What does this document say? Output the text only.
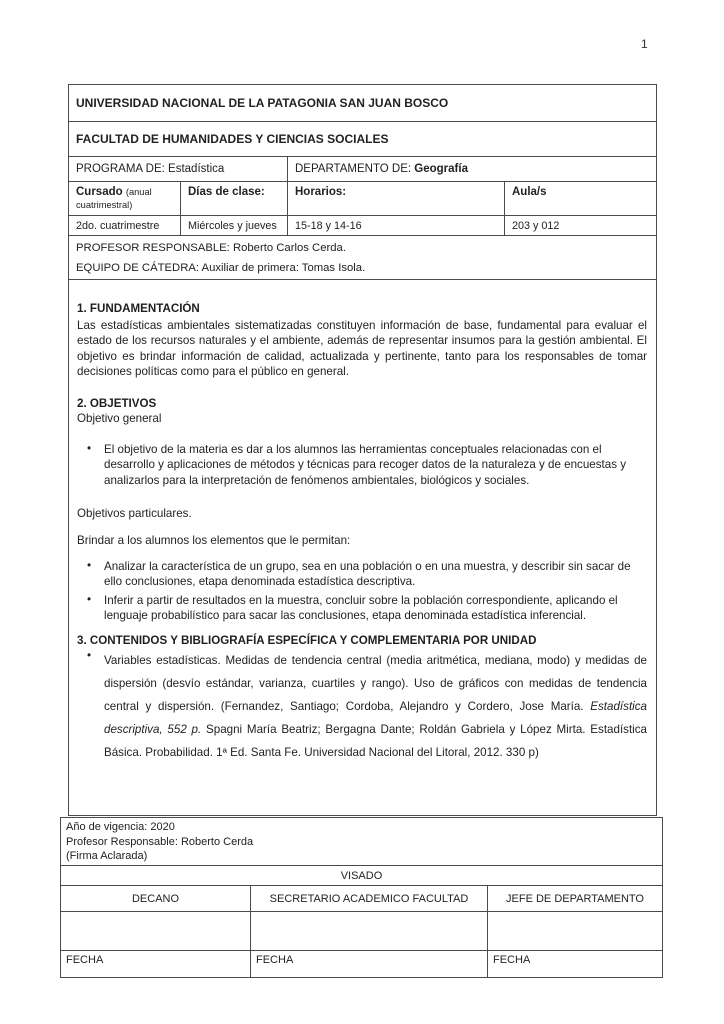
1
UNIVERSIDAD NACIONAL DE LA PATAGONIA SAN JUAN BOSCO			
FACULTAD DE HUMANIDADES Y CIENCIAS SOCIALES			
PROGRAMA DE: Estadística		DEPARTAMENTO DE: Geografía	
Cursado (anual cuatrimestral)	Días de clase:	Horarios:	Aula/s
2do. cuatrimestre	Miércoles y jueves	15-18 y 14-16	203 y 012

PROFESOR RESPONSABLE: Roberto Carlos Cerda.
EQUIPO DE CÁTEDRA: Auxiliar de primera: Tomas Isola.			

1. FUNDAMENTACIÓN

Las estadísticas ambientales sistematizadas constituyen información de base, fundamental para evaluar el estado de los recursos naturales y el ambiente, además de representar insumos para la gestión ambiental. El objetivo es brindar información de calidad, actualizada y pertinente, tanto para los responsables de tomar decisiones políticas como para el público en general.

2. OBJETIVOS

Objetivo general

• El objetivo de la materia es dar a los alumnos las herramientas conceptuales relacionadas con el desarrollo y aplicaciones de métodos y técnicas para recoger datos de la naturaleza y de encuestas y analizarlos para la interpretación de fenómenos ambientales, biológicos y sociales.

Objetivos particulares.

Brindar a los alumnos los elementos que le permitan:

• Analizar la característica de un grupo, sea en una población o en una muestra, y describir sin sacar de ello conclusiones, etapa denominada estadística descriptiva.
• Inferir a partir de resultados en la muestra, concluir sobre la población correspondiente, aplicando el lenguaje probabilístico para sacar las conclusiones, etapa denominada estadística inferencial.
3. CONTENIDOS Y BIBLIOGRAFÍA ESPECÍFICA Y COMPLEMENTARIA POR UNIDAD
• Variables estadísticas. Medidas de tendencia central (media aritmética, mediana, modo) y medidas de dispersión (desvío estándar, varianza, cuartiles y rango). Uso de gráficos con medidas de tendencia central y dispersión. (Fernandez, Santiago; Cordoba, Alejandro y Cordero, Jose María. Estadística descriptiva, 552 p. Spagni María Beatriz; Bergagna Dante; Roldán Gabriela y López Mirta. Estadística Básica. Probabilidad. 1ª Ed. Santa Fe. Universidad Nacional del Litoral, 2012. 330 p)
Año de vigencia: 2020
Profesor Responsable: Roberto Cerda
(Firma Aclarada)		

VISADO		
DECANO	SECRETARIO ACADEMICO FACULTAD	JEFE DE DEPARTAMENTO

FECHA	FECHA	FECHA
